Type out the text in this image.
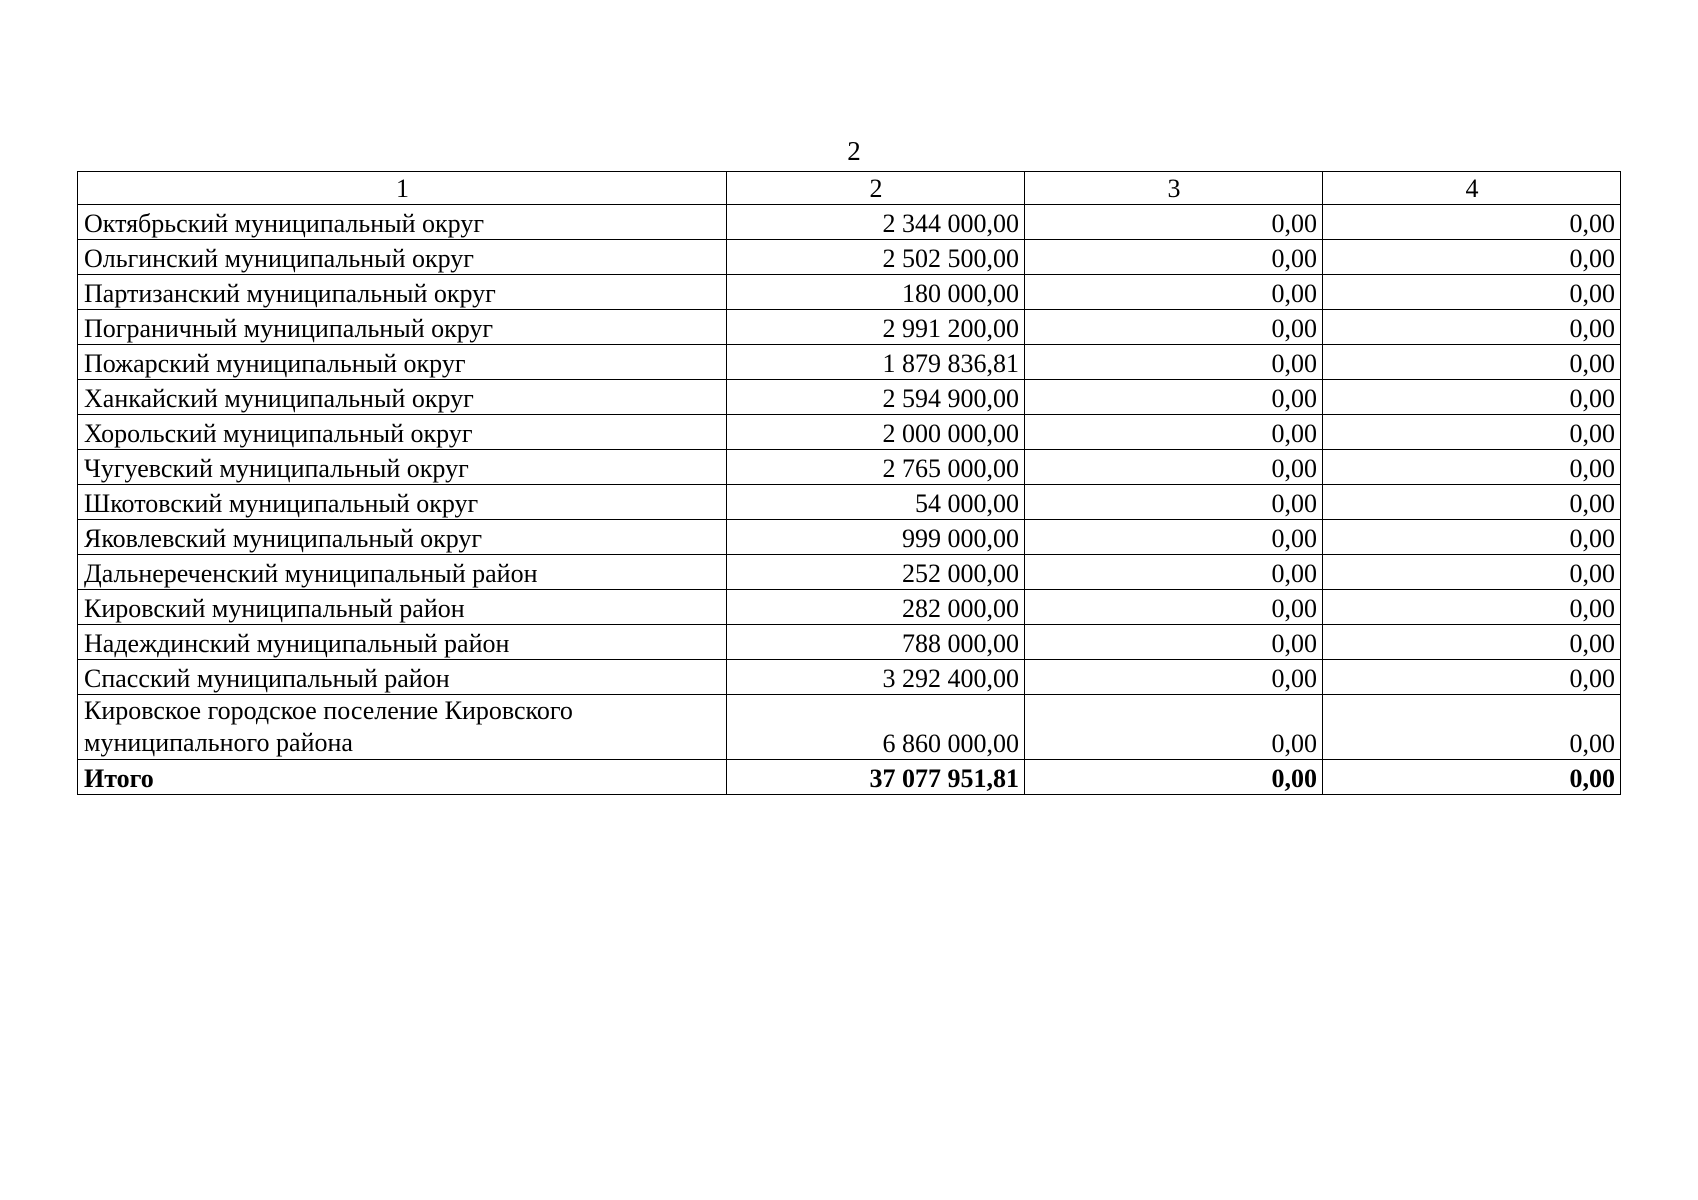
2
1	2	3	4
Октябрьский муниципальный округ	2 344 000,00	0,00	0,00
Ольгинский муниципальный округ	2 502 500,00	0,00	0,00
Партизанский муниципальный округ	180 000,00	0,00	0,00
Пограничный муниципальный округ	2 991 200,00	0,00	0,00
Пожарский муниципальный округ	1 879 836,81	0,00	0,00
Ханкайский муниципальный округ	2 594 900,00	0,00	0,00
Хорольский муниципальный округ	2 000 000,00	0,00	0,00
Чугуевский муниципальный округ	2 765 000,00	0,00	0,00
Шкотовский муниципальный округ	54 000,00	0,00	0,00
Яковлевский муниципальный округ	999 000,00	0,00	0,00
Дальнереченский муниципальный район	252 000,00	0,00	0,00
Кировский муниципальный район	282 000,00	0,00	0,00
Надеждинский муниципальный район	788 000,00	0,00	0,00
Спасский муниципальный район	3 292 400,00	0,00	0,00
Кировское городское поселение Кировского муниципального района	6 860 000,00	0,00	0,00
Итого	37 077 951,81	0,00	0,00
